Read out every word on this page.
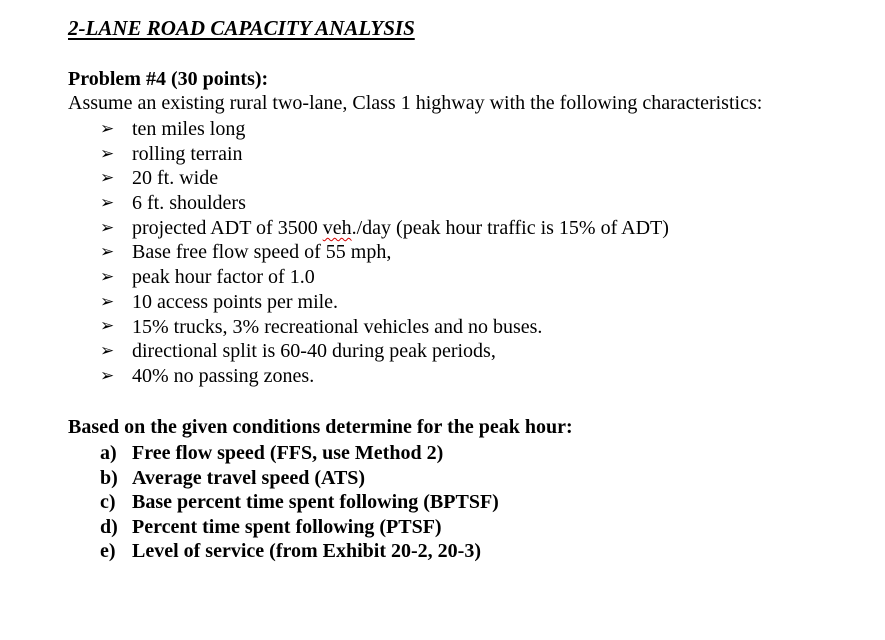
2-LANE ROAD CAPACITY ANALYSIS
Problem #4 (30 points):
Assume an existing rural two-lane, Class 1 highway with the following characteristics:
➢ ten miles long
➢ rolling terrain
➢ 20 ft. wide
➢ 6 ft. shoulders
➢ projected ADT of 3500 veh ./day (peak hour traffic is 15% of ADT)
➢ Base free flow speed of 55 mph,
➢ peak hour factor of 1.0
➢ 10 access points per mile.
➢ 15% trucks, 3% recreational vehicles and no buses.
➢ directional split is 60-40 during peak periods,
➢ 40% no passing zones.
Based on the given conditions determine for the peak hour:
a) Free flow speed (FFS, use Method 2)
b) Average travel speed (ATS)
c) Base percent time spent following (BPTSF)
d) Percent time spent following (PTSF)
e) Level of service (from Exhibit 20-2, 20-3)
